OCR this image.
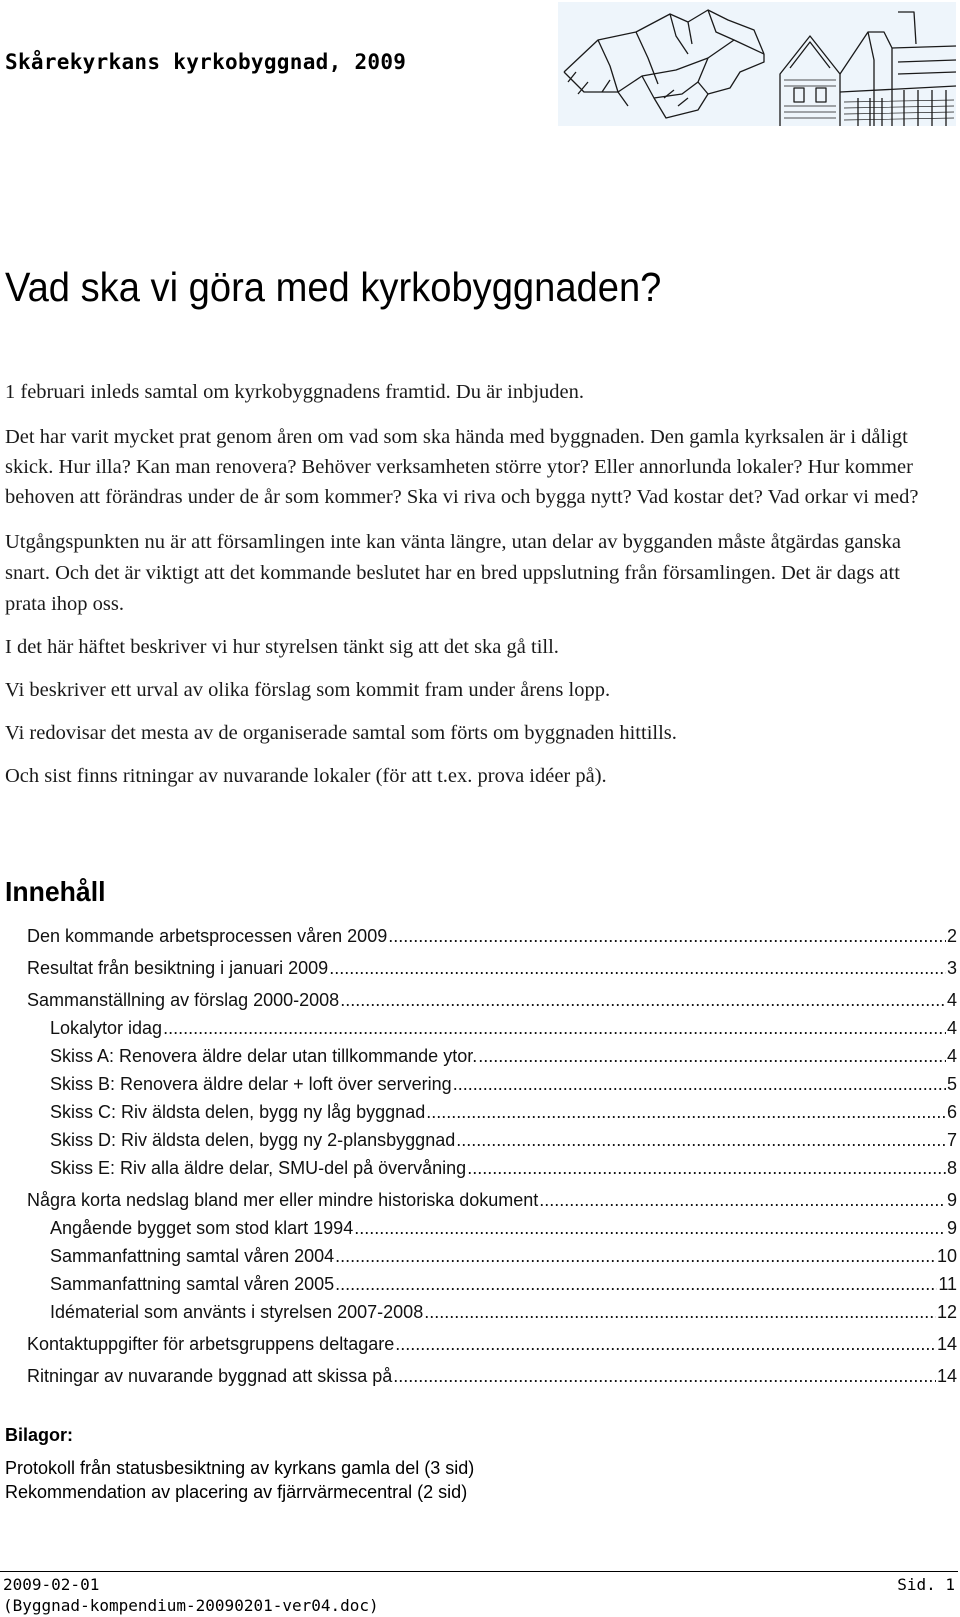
Skårekyrkans kyrkobyggnad, 2009
Vad ska vi göra med kyrkobyggnaden?

1 februari inleds samtal om kyrkobyggnadens framtid. Du är inbjuden.

Det har varit mycket prat genom åren om vad som ska hända med byggnaden. Den gamla kyrksalen är i dåligt skick. Hur illa? Kan man renovera? Behöver verksamheten större ytor? Eller annorlunda lokaler? Hur kommer behoven att förändras under de år som kommer? Ska vi riva och bygga nytt? Vad kostar det? Vad orkar vi med?

Utgångspunkten nu är att församlingen inte kan vänta längre, utan delar av bygganden måste åtgärdas ganska snart. Och det är viktigt att det kommande beslutet har en bred uppslutning från församlingen. Det är dags att prata ihop oss.

I det här häftet beskriver vi hur styrelsen tänkt sig att det ska gå till.

Vi beskriver ett urval av olika förslag som kommit fram under årens lopp.

Vi redovisar det mesta av de organiserade samtal som förts om byggnaden hittills.

Och sist finns ritningar av nuvarande lokaler (för att t.ex. prova idéer på).

Innehåll
Den kommande arbetsprocessen våren 2009 .....	2
Resultat från besiktning i januari 2009 .....	3
Sammanställning av förslag 2000-2008 .....	4
Lokalytor idag .....	4
Skiss A: Renovera äldre delar utan tillkommande ytor. .....	4
Skiss B: Renovera äldre delar + loft över servering .....	5
Skiss C: Riv äldsta delen, bygg ny låg byggnad .....	6
Skiss D: Riv äldsta delen, bygg ny 2-plansbyggnad .....	7
Skiss E: Riv alla äldre delar, SMU-del på övervåning .....	8
Några korta nedslag bland mer eller mindre historiska dokument .....	9
Angående bygget som stod klart 1994 .....	9
Sammanfattning samtal våren 2004 .....	10
Sammanfattning samtal våren 2005 .....	11
Idématerial som använts i styrelsen 2007-2008 .....	12
Kontaktuppgifter för arbetsgruppens deltagare .....	14
Ritningar av nuvarande byggnad att skissa på .....	14
Bilagor:
Protokoll från statusbesiktning av kyrkans gamla del (3 sid)
Rekommendation av placering av fjärrvärmecentral (2 sid)
2009-02-01
(Byggnad-kompendium-20090201-ver04.doc)
Sid. 1
